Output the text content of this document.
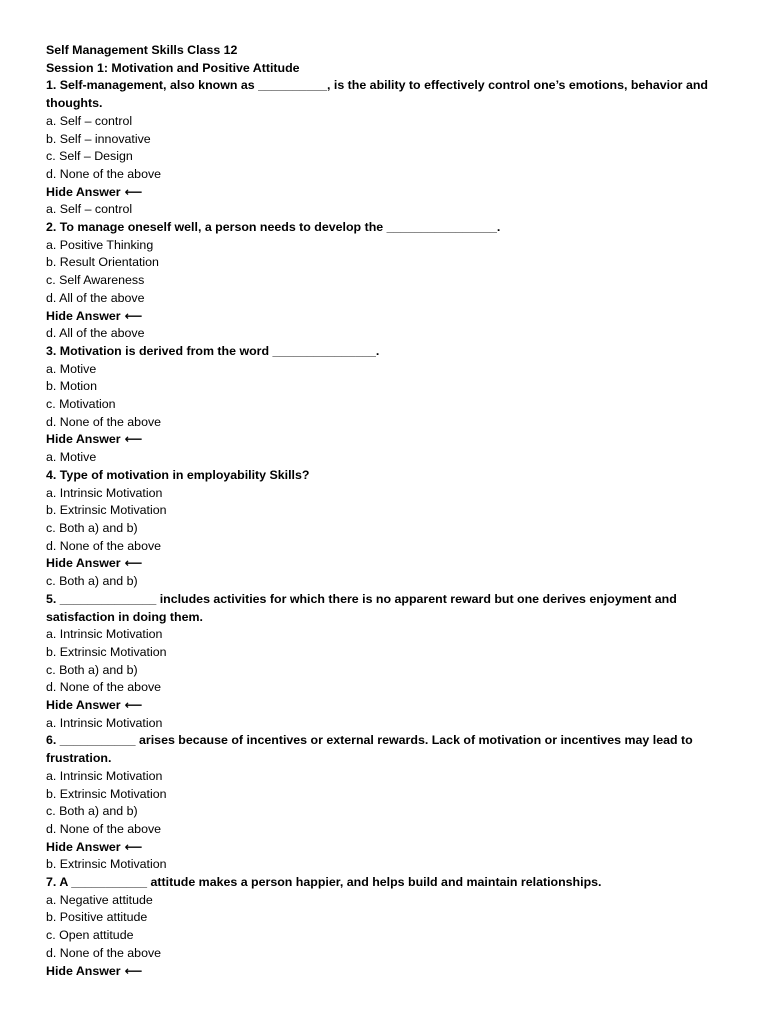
Self Management Skills Class 12
Session 1: Motivation and Positive Attitude
1. Self-management, also known as __________, is the ability to effectively control one’s emotions, behavior and thoughts.
a. Self – control
b. Self – innovative
c. Self – Design
d. None of the above
Hide Answer ⟵
a. Self – control
2. To manage oneself well, a person needs to develop the ________________.
a. Positive Thinking
b. Result Orientation
c. Self Awareness
d. All of the above
Hide Answer ⟵
d. All of the above
3. Motivation is derived from the word _______________.
a. Motive
b. Motion
c. Motivation
d. None of the above
Hide Answer ⟵
a. Motive
4. Type of motivation in employability Skills?
a. Intrinsic Motivation
b. Extrinsic Motivation
c. Both a) and b)
d. None of the above
Hide Answer ⟵
c. Both a) and b)
5. ______________ includes activities for which there is no apparent reward but one derives enjoyment and satisfaction in doing them.
a. Intrinsic Motivation
b. Extrinsic Motivation
c. Both a) and b)
d. None of the above
Hide Answer ⟵
a. Intrinsic Motivation
6. ___________ arises because of incentives or external rewards. Lack of motivation or incentives may lead to frustration.
a. Intrinsic Motivation
b. Extrinsic Motivation
c. Both a) and b)
d. None of the above
Hide Answer ⟵
b. Extrinsic Motivation
7. A ___________ attitude makes a person happier, and helps build and maintain relationships.
a. Negative attitude
b. Positive attitude
c. Open attitude
d. None of the above
Hide Answer ⟵
